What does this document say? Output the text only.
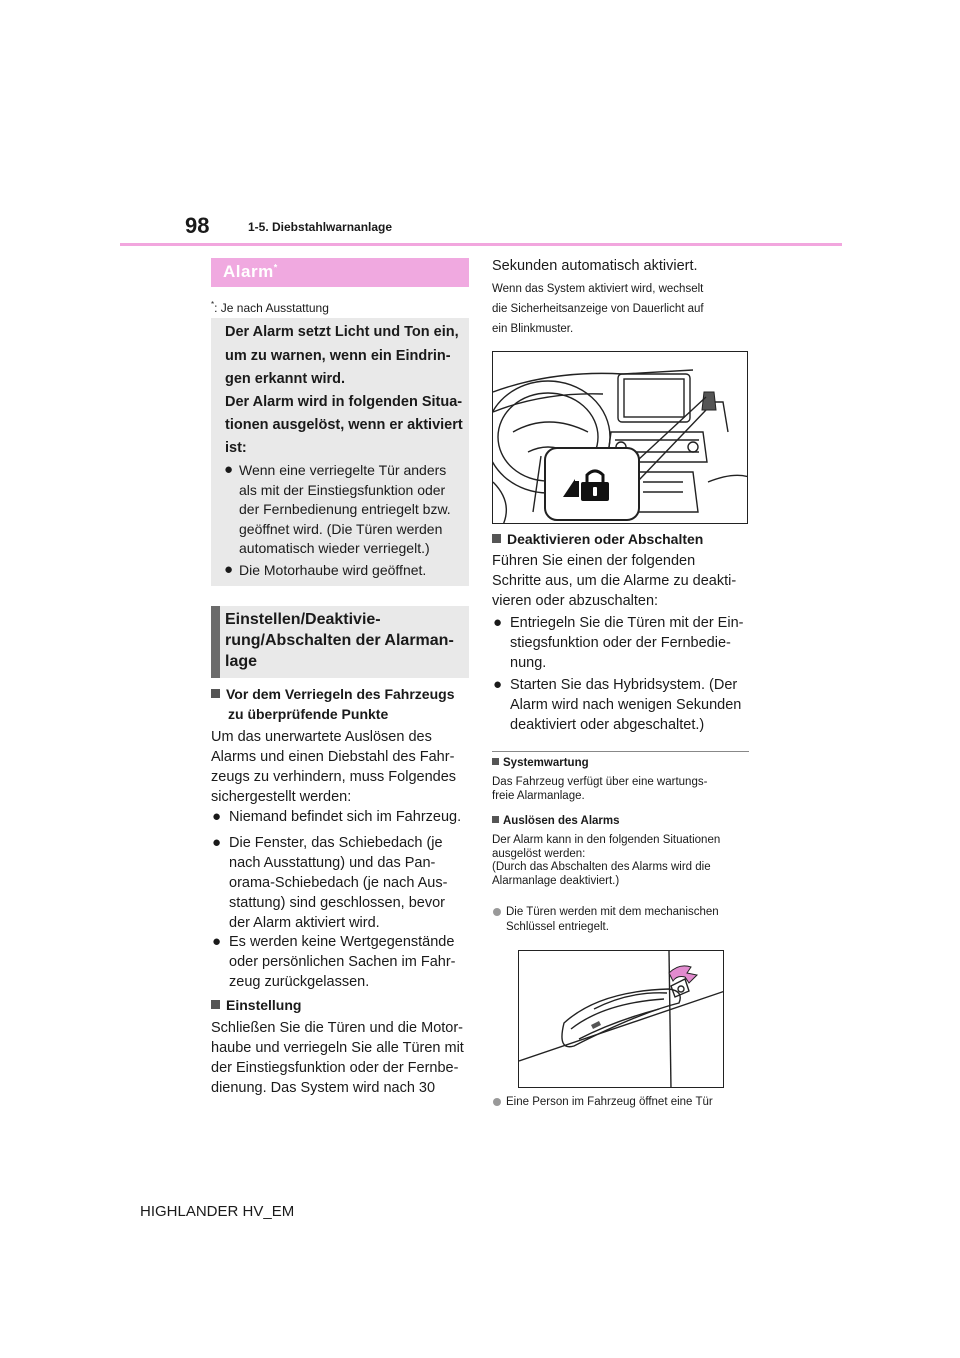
98	1-5. Diebstahlwarnanlage
Alarm*
*: Je nach Ausstattung
Der Alarm setzt Licht und Ton ein,
um zu warnen, wenn ein Eindrin-
gen erkannt wird.
Der Alarm wird in folgenden Situa-
tionen ausgelöst, wenn er aktiviert
ist:
● Wenn eine verriegelte Tür anders
als mit der Einstiegsfunktion oder
der Fernbedienung entriegelt bzw.
geöffnet wird. (Die Türen werden
automatisch wieder verriegelt.)
● Die Motorhaube wird geöffnet.
Einstellen/Deaktivie-
rung/Abschalten der Alarman-
lage
Vor dem Verriegeln des Fahrzeugs
zu überprüfende Punkte
Um das unerwartete Auslösen des
Alarms und einen Diebstahl des Fahr-
zeugs zu verhindern, muss Folgendes
sichergestellt werden:
● Niemand befindet sich im Fahrzeug.
● Die Fenster, das Schiebedach (je
nach Ausstattung) und das Pan-
orama-Schiebedach (je nach Aus-
stattung) sind geschlossen, bevor
der Alarm aktiviert wird.
● Es werden keine Wertgegenstände
oder persönlichen Sachen im Fahr-
zeug zurückgelassen.
Einstellung
Schließen Sie die Türen und die Motor-
haube und verriegeln Sie alle Türen mit
der Einstiegsfunktion oder der Fernbe-
dienung. Das System wird nach 30
Sekunden automatisch aktiviert.
Wenn das System aktiviert wird, wechselt
die Sicherheitsanzeige von Dauerlicht auf
ein Blinkmuster.
Deaktivieren oder Abschalten
Führen Sie einen der folgenden
Schritte aus, um die Alarme zu deakti-
vieren oder abzuschalten:
● Entriegeln Sie die Türen mit der Ein-
stiegsfunktion oder der Fernbedie-
nung.
● Starten Sie das Hybridsystem. (Der
Alarm wird nach wenigen Sekunden
deaktiviert oder abgeschaltet.)
Systemwartung
Das Fahrzeug verfügt über eine wartungs-
freie Alarmanlage.
Auslösen des Alarms
Der Alarm kann in den folgenden Situationen
ausgelöst werden:
(Durch das Abschalten des Alarms wird die
Alarmanlage deaktiviert.)
Die Türen werden mit dem mechanischen
Schlüssel entriegelt.
Eine Person im Fahrzeug öffnet eine Tür
HIGHLANDER HV_EM
